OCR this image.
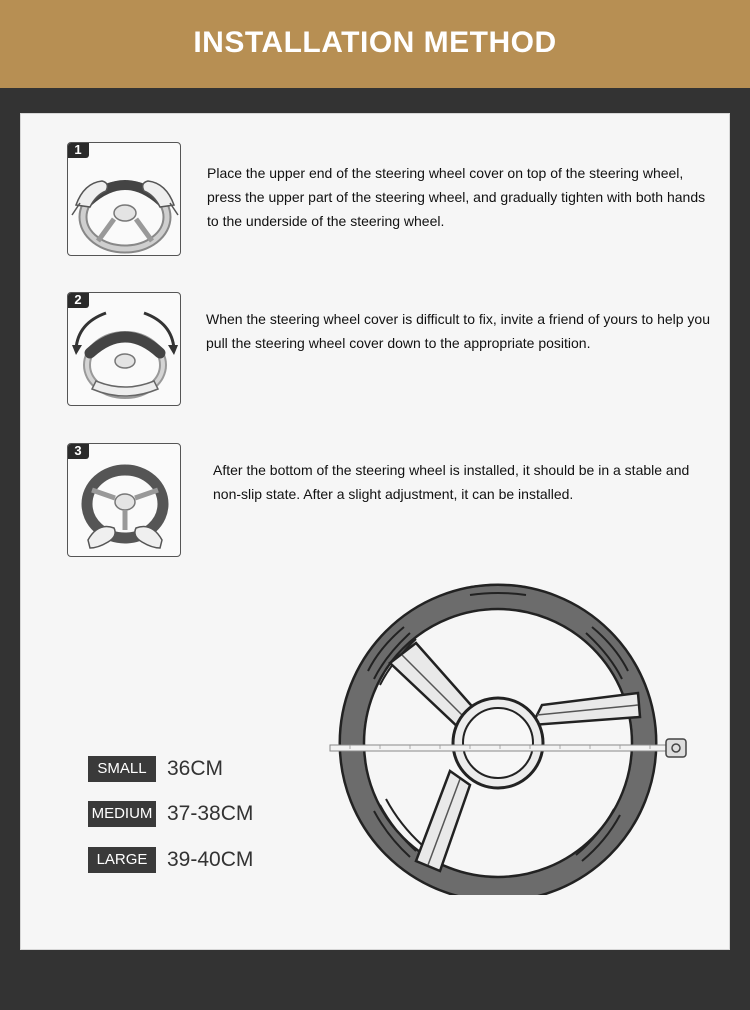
INSTALLATION METHOD
1
Place the upper end of the steering wheel cover on top of the steering wheel, press the upper part of the steering wheel, and gradually tighten with both hands to the underside of the steering wheel.
2
When the steering wheel cover is difficult to fix, invite a friend of yours to help you pull the steering wheel cover down to the appropriate position.
3
After the bottom of the steering wheel is installed, it should be in a stable and non-slip state. After a slight adjustment, it can be installed.
SMALL 36CM
MEDIUM 37-38CM
LARGE 39-40CM
